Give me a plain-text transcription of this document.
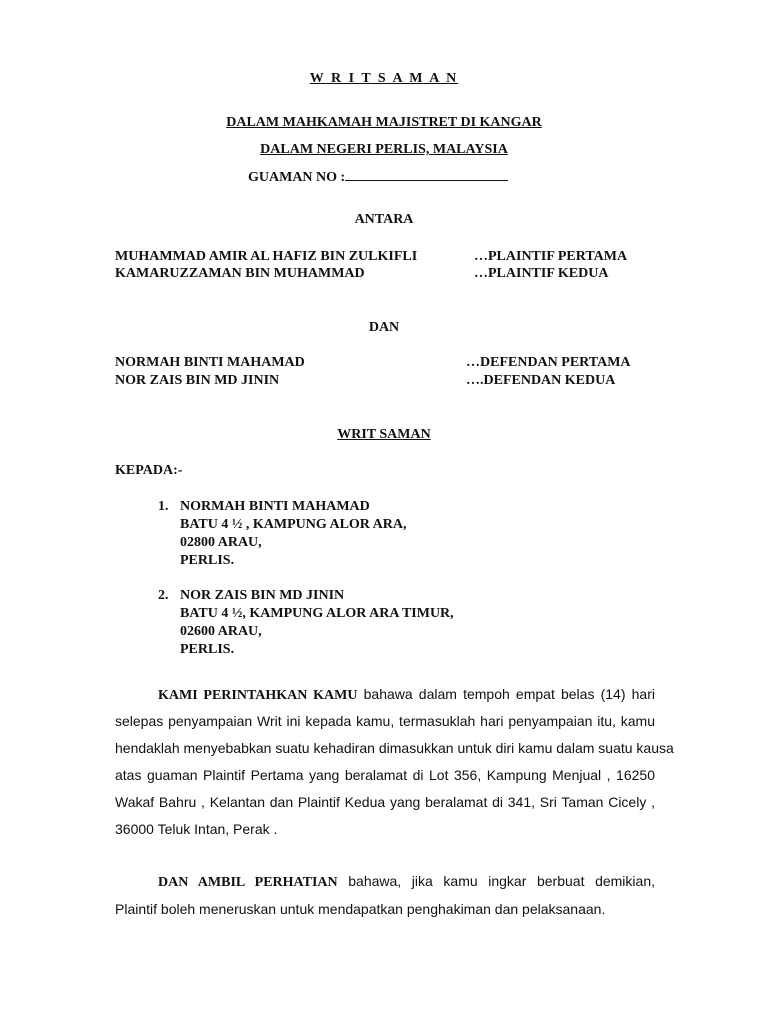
W R I T S A M A N
DALAM MAHKAMAH MAJISTRET DI KANGAR
DALAM NEGERI PERLIS, MALAYSIA
GUAMAN NO :
ANTARA
MUHAMMAD AMIR AL HAFIZ BIN ZULKIFLI	…PLAINTIF PERTAMA
KAMARUZZAMAN BIN MUHAMMAD	…PLAINTIF KEDUA
DAN
NORMAH BINTI MAHAMAD	…DEFENDAN PERTAMA
NOR ZAIS BIN MD JININ	….DEFENDAN KEDUA
WRIT SAMAN
KEPADA:-
1. NORMAH BINTI MAHAMAD
BATU 4 ½ , KAMPUNG ALOR ARA,
02800 ARAU,
PERLIS.
2. NOR ZAIS BIN MD JININ
BATU 4 ½, KAMPUNG ALOR ARA TIMUR,
02600 ARAU,
PERLIS.
KAMI PERINTAHKAN KAMU bahawa dalam tempoh empat belas (14) hari
selepas penyampaian Writ ini kepada kamu, termasuklah hari penyampaian itu, kamu
hendaklah menyebabkan suatu kehadiran dimasukkan untuk diri kamu dalam suatu kausa
atas guaman Plaintif Pertama yang beralamat di Lot 356, Kampung Menjual , 16250
Wakaf Bahru , Kelantan dan Plaintif Kedua yang beralamat di 341, Sri Taman Cicely ,
36000 Teluk Intan, Perak .
DAN AMBIL PERHATIAN bahawa, jika kamu ingkar berbuat demikian,
Plaintif boleh meneruskan untuk mendapatkan penghakiman dan pelaksanaan.
